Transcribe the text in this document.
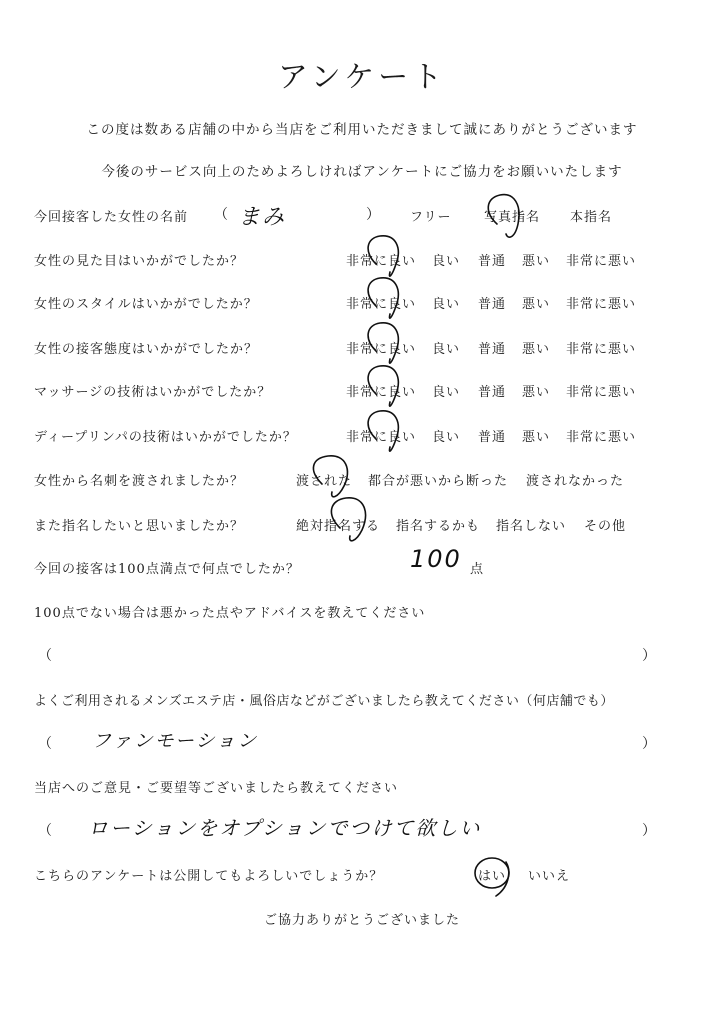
アンケート
この度は数ある店舗の中から当店をご利用いただきまして誠にありがとうございます
今後のサービス向上のためよろしければアンケートにご協力をお願いいたします
今回接客した女性の名前 （ まみ	） フリー	写真指名 本指名
女性の見た目はいかがでしたか？	非常に良い 良い 普通 悪い 非常に悪い
女性のスタイルはいかがでしたか？	非常に良い 良い 普通 悪い 非常に悪い
女性の接客態度はいかがでしたか？	非常に良い 良い 普通 悪い 非常に悪い
マッサージの技術はいかがでしたか？	非常に良い 良い 普通 悪い 非常に悪い
ディープリンパの技術はいかがでしたか？	非常に良い 良い 普通 悪い 非常に悪い
女性から名刺を渡されましたか？	渡された 都合が悪いから断った 渡されなかった
また指名したいと思いましたか？	絶対指名する 指名するかも 指名しない その他
今回の接客は100点満点で何点でしたか？	100 点
100点でない場合は悪かった点やアドバイスを教えてください
（	）
よくご利用されるメンズエステ店・風俗店などがございましたら教えてください（何店舗でも）
（ ファンモーション	）
当店へのご意見・ご要望等ございましたら教えてください
（ ローションをオプションでつけて欲しい	）
こちらのアンケートは公開してもよろしいでしょうか？	はい いいえ
ご協力ありがとうございました
